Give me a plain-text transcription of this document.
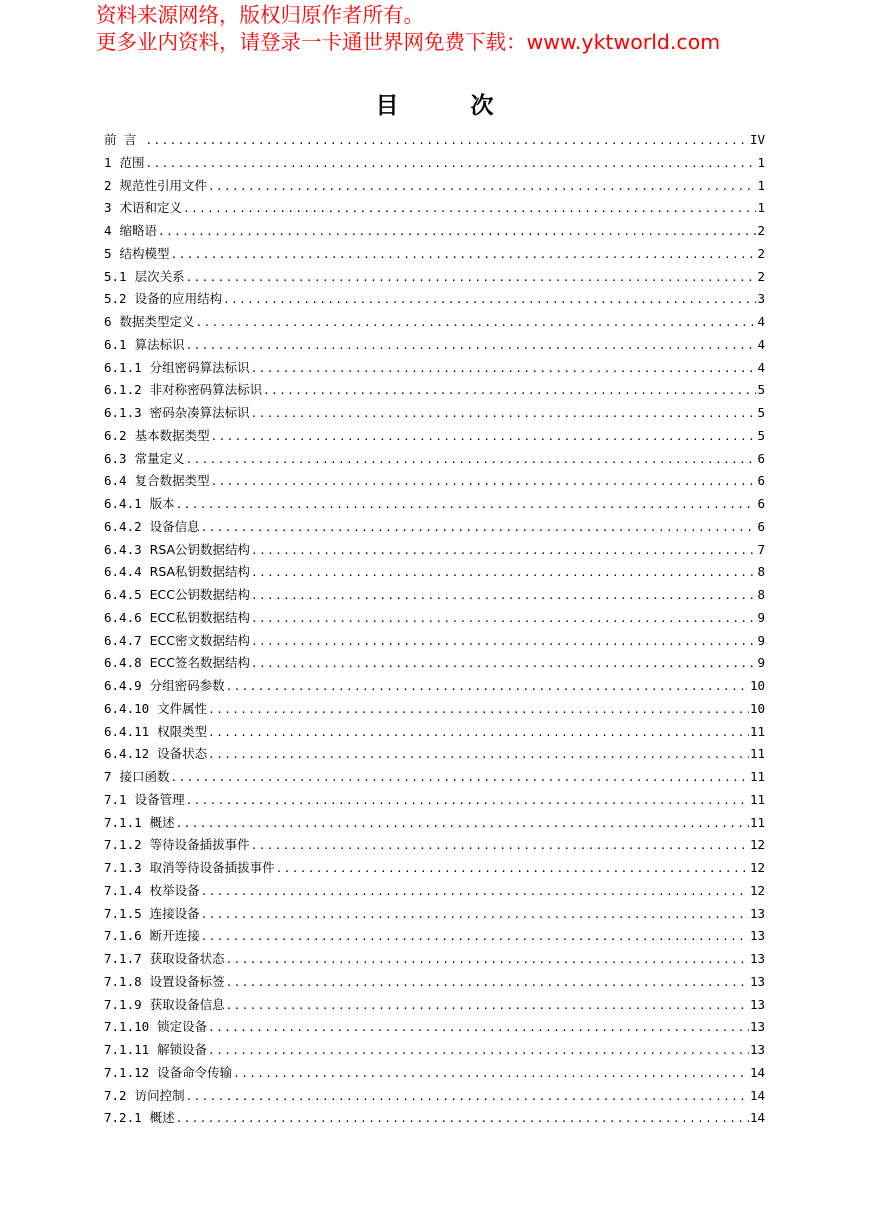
资料来源网络，版权归原作者所有。
更多业内资料，请登录一卡通世界网免费下载：www.yktworld.com
目	次
前 言 .....	IV
1 范围 .....	1
2 规范性引用文件 .....	1
3 术语和定义 .....	1
4 缩略语 .....	2
5 结构模型 .....	2
5.1 层次关系 .....	2
5.2 设备的应用结构 .....	3
6 数据类型定义 .....	4
6.1 算法标识 .....	4
6.1.1 分组密码算法标识 .....	4
6.1.2 非对称密码算法标识 .....	5
6.1.3 密码杂凑算法标识 .....	5
6.2 基本数据类型 .....	5
6.3 常量定义 .....	6
6.4 复合数据类型 .....	6
6.4.1 版本 .....	6
6.4.2 设备信息 .....	6
6.4.3 RSA公钥数据结构 .....	7
6.4.4 RSA私钥数据结构 .....	8
6.4.5 ECC公钥数据结构 .....	8
6.4.6 ECC私钥数据结构 .....	9
6.4.7 ECC密文数据结构 .....	9
6.4.8 ECC签名数据结构 .....	9
6.4.9 分组密码参数 .....	10
6.4.10 文件属性 .....	10
6.4.11 权限类型 .....	11
6.4.12 设备状态 .....	11
7 接口函数 .....	11
7.1 设备管理 .....	11
7.1.1 概述 .....	11
7.1.2 等待设备插拔事件 .....	12
7.1.3 取消等待设备插拔事件 .....	12
7.1.4 枚举设备 .....	12
7.1.5 连接设备 .....	13
7.1.6 断开连接 .....	13
7.1.7 获取设备状态 .....	13
7.1.8 设置设备标签 .....	13
7.1.9 获取设备信息 .....	13
7.1.10 锁定设备 .....	13
7.1.11 解锁设备 .....	13
7.1.12 设备命令传输 .....	14
7.2 访问控制 .....	14
7.2.1 概述 .....	14
